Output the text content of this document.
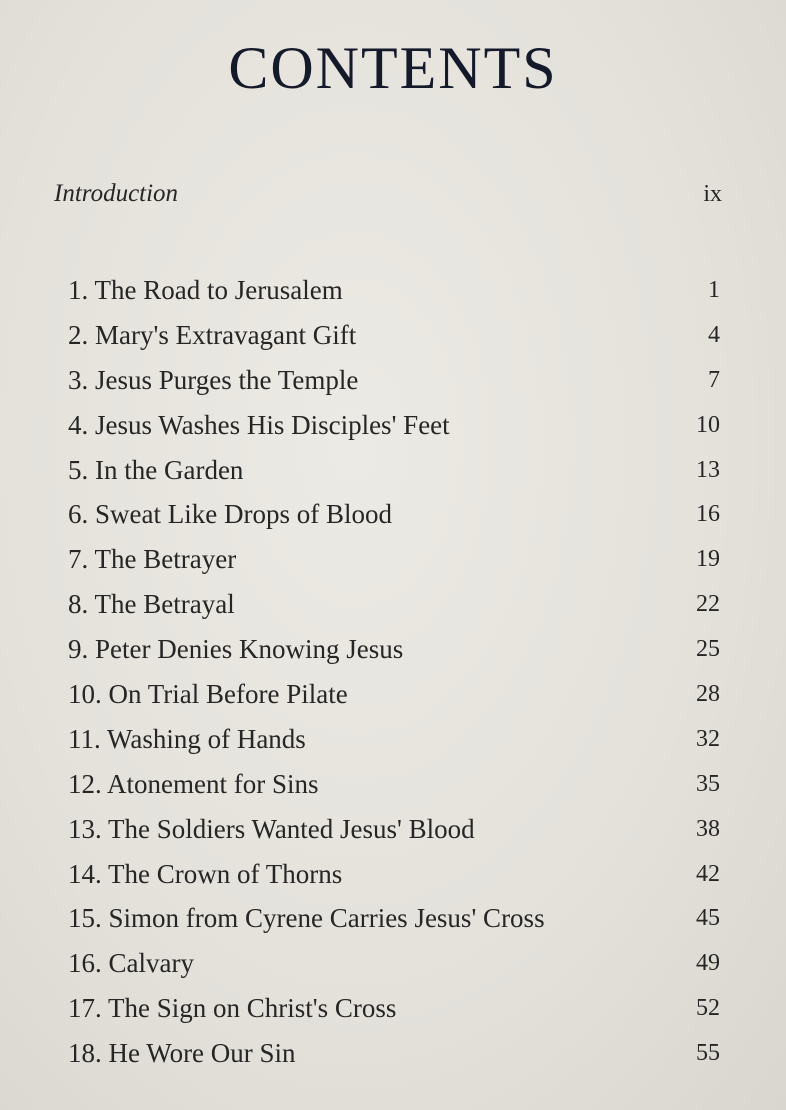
CONTENTS
Introduction	ix
1. The Road to Jerusalem	1
2. Mary's Extravagant Gift	4
3. Jesus Purges the Temple	7
4. Jesus Washes His Disciples' Feet	10
5. In the Garden	13
6. Sweat Like Drops of Blood	16
7. The Betrayer	19
8. The Betrayal	22
9. Peter Denies Knowing Jesus	25
10. On Trial Before Pilate	28
11. Washing of Hands	32
12. Atonement for Sins	35
13. The Soldiers Wanted Jesus' Blood	38
14. The Crown of Thorns	42
15. Simon from Cyrene Carries Jesus' Cross	45
16. Calvary	49
17. The Sign on Christ's Cross	52
18. He Wore Our Sin	55
